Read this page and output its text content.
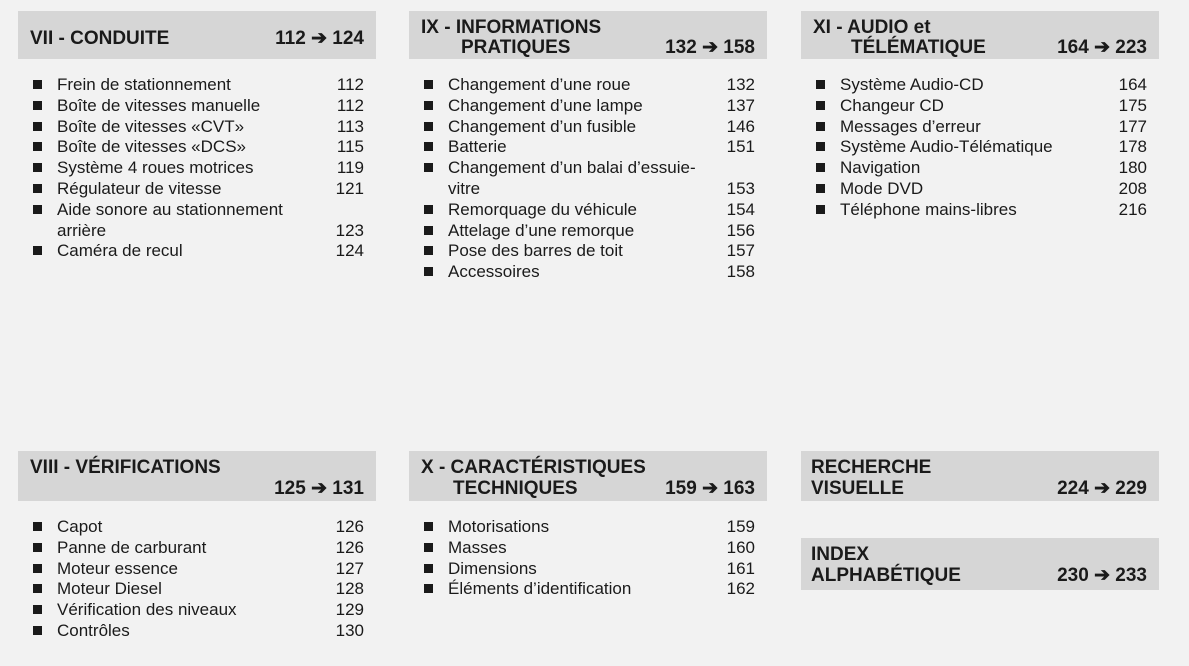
VII - CONDUITE	112 ➔ 124
Frein de stationnement	112
Boîte de vitesses manuelle	112
Boîte de vitesses «CVT»	113
Boîte de vitesses «DCS»	115
Système 4 roues motrices	119
Régulateur de vitesse	121
Aide sonore au stationnement arrière	123
Caméra de recul	124
IX - INFORMATIONS
PRATIQUES	132 ➔ 158
Changement d’une roue	132
Changement d’une lampe	137
Changement d’un fusible	146
Batterie	151
Changement d’un balai d’essuie-vitre	153
Remorquage du véhicule	154
Attelage d’une remorque	156
Pose des barres de toit	157
Accessoires	158
XI - AUDIO et
TÉLÉMATIQUE	164 ➔ 223
Système Audio-CD	164
Changeur CD	175
Messages d’erreur	177
Système Audio-Télématique	178
Navigation	180
Mode DVD	208
Téléphone mains-libres	216
VIII - VÉRIFICATIONS
125 ➔ 131
Capot	126
Panne de carburant	126
Moteur essence	127
Moteur Diesel	128
Vérification des niveaux	129
Contrôles	130
X - CARACTÉRISTIQUES
TECHNIQUES	159 ➔ 163
Motorisations	159
Masses	160
Dimensions	161
Éléments d’identification	162
RECHERCHE
VISUELLE	224 ➔ 229
INDEX
ALPHABÉTIQUE	230 ➔ 233
